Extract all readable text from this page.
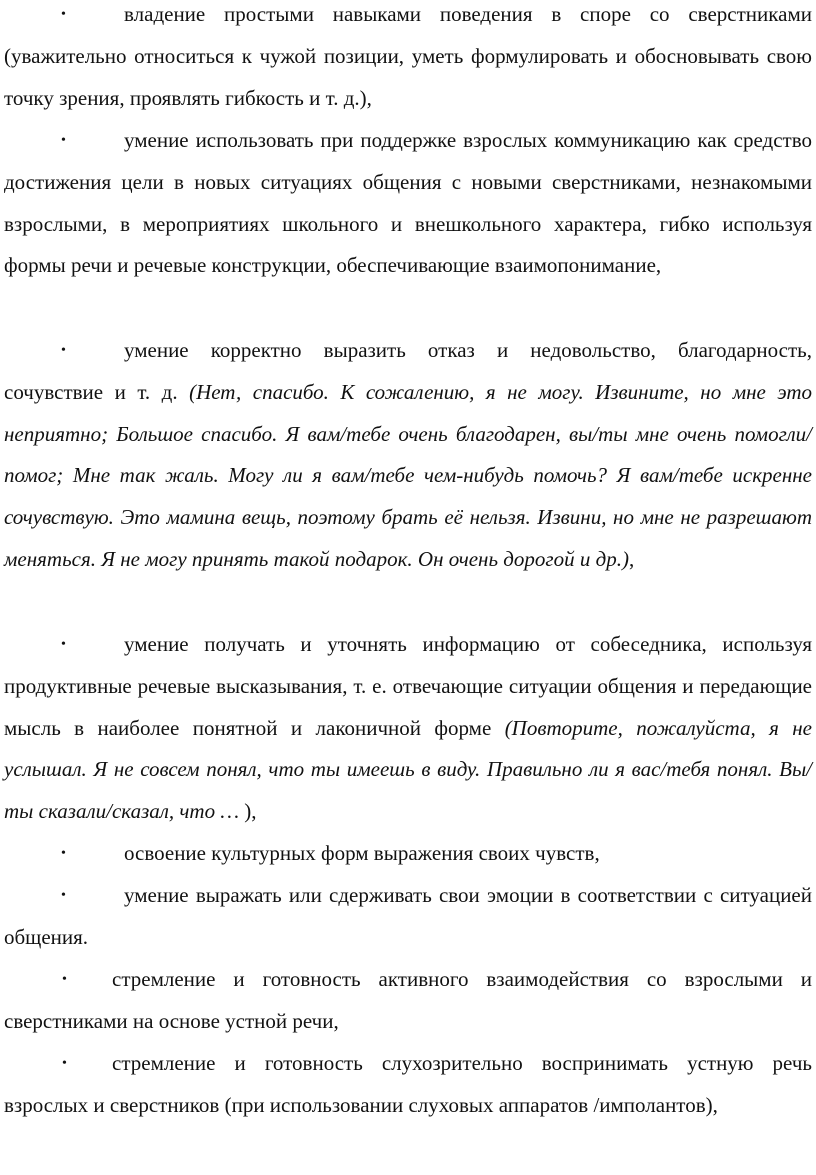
•	владение простыми навыками поведения в споре со сверстниками (уважительно относиться к чужой позиции, уметь формулировать и обосновывать свою точку зрения, проявлять гибкость и т. д.),

•	умение использовать при поддержке взрослых коммуникацию как средство достижения цели в новых ситуациях общения с новыми сверстниками, незнакомыми взрослыми, в мероприятиях школьного и внешкольного характера, гибко используя формы речи и речевые конструкции, обеспечивающие взаимопонимание,

•	умение корректно выразить отказ и недовольство, благодарность, сочувствие и т. д. (Нет, спасибо. К сожалению, я не могу. Извините, но мне это неприятно; Большое спасибо. Я вам/тебе очень благодарен, вы/ты мне очень помогли/помог; Мне так жаль. Могу ли я вам/тебе чем-нибудь помочь? Я вам/тебе искренне сочувствую. Это мамина вещь, поэтому брать её нельзя. Извини, но мне не разрешают меняться. Я не могу принять такой подарок. Он очень дорогой и др.),

•	умение получать и уточнять информацию от собеседника, используя продуктивные речевые высказывания, т. е. отвечающие ситуации общения и передающие мысль в наиболее понятной и лаконичной форме (Повторите, пожалуйста, я не услышал. Я не совсем понял, что ты имеешь в виду. Правильно ли я вас/тебя понял. Вы/ты сказали/сказал, что … ),

•	освоение культурных форм выражения своих чувств,

•	умение выражать или сдерживать свои эмоции в соответствии с ситуацией общения.

• стремление и готовность активного взаимодействия со взрослыми и сверстниками на основе устной речи,

• стремление и готовность слухозрительно воспринимать устную речь взрослых и сверстников (при использовании слуховых аппаратов /имполантов),
